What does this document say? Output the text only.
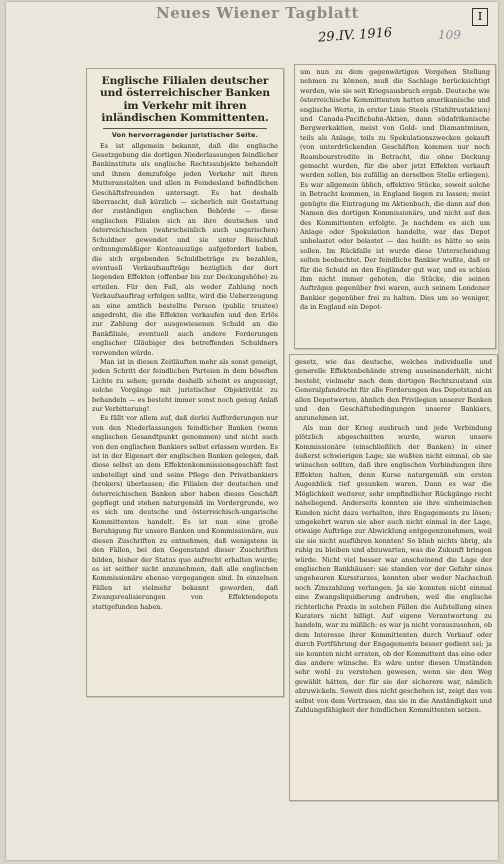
Neues Wiener Tagblatt
29.IV. 1916	109
I
Englische Filialen deutscher und österreichischer Banken im Verkehr mit ihren inländischen Kommittenten.
Von hervorragender juristischer Seite.

Es ist allgemein bekannt, daß die englische Gesetzgebung die dortigen Niederlassungen feindlicher Bankinstitute als englische Rechtssubjekte behandelt und ihnen demzufolge jeden Verkehr mit ihren Mutteranstalten und allen in Feindesland befindlichen Geschäftsfreunden untersagt. Es hat deshalb überrascht, daß kürzlich — sicherlich mit Gestattung der zuständigen englischen Behörde — diese englischen Filialen sich an ihre deutschen und österreichischen (wahrscheinlich auch ungarischen) Schuldner gewendet und sie unter Beischluß ordnungsmäßiger Kontoauszüge aufgefordert haben, die sich ergebenden Schuldbeträge zu bezahlen, eventuell Verkaufsaufträge bezüglich der dort liegenden Effekten (offenbar bis zur Deckungshöhe) zu erteilen. Für den Fall, als weder Zahlung noch Verkaufsauftrag erfolgen sollte, wird die Ueberzeugung an eine amtlich bestellte Person (public trustee) angedroht, die die Effekten verkaufen und den Erlös zur Zahlung der ausgewiesenen Schuld an die Bankfiliale, eventuell auch andere Forderungen englischer Gläubiger des betreffenden Schuldners verwenden würde.

Man ist in diesen Zeitläuften mehr als sonst geneigt, jeden Schritt der feindlichen Parteien in dem böseften Lichte zu sehen; gerade deshalb scheint es angezeigt, solche Vorgänge mit juristischer Objektivität zu behandeln — es besteht immer sonst noch genug Anlaß zur Verbitterung!

Es fällt vor allem auf, daß derlei Aufforderungen nur von den Niederlassungen feindlicher Banken (wenn englischen Gesandtpunkt genommen) und nicht auch von den englischen Bankiers selbst erlassen wurden. Es ist in der Eigenart der englischen Banken gelegen, daß diese selbst an dem Effektenkommissionsgeschäft fast unbeteiligt sind und seine Pflege den Privatbankiers (brokers) überlassen; die Filialen der deutschen und österreichischen Banken aber haben dieses Geschäft gepflegt und stehen naturgemäß im Vordergrunde, wo es sich um deutsche und österreichisch-ungarische Kommittenten handelt. Es ist nun eine große Beruhigung für unsere Banken und Kommissionäre, aus diesen Zuschriften zu entnehmen, daß wenigstens in den Fällen, bei den Gegenstand dieser Zuschriften bilden, bisher der Status quo aufrecht erhalten wurde; es ist seither nicht anzunehmen, daß alle englischen Kommissionäre ebenso vorgegangen sind. In einzelnen Fällen ist vielmehr bekannt geworden, daß Zwangsrealisierungen von Effektendepots stattgefunden haben.

um nun zu dem gegenwärtigen Vorgehen Stellung nehmen zu können, muß die Sachlage berücksichtigt werden, wie sie seit Kriegsausbruch ergab. Deutsche wie österreichische Kommittenten hatten amerikanische und englische Werte, in erster Linie Steels (Stahltrustaktien) und Canada-Pacificbahn-Aktien, dann südafrikanische Bergwerkaktien, meist von Gold- und Diamantminen, teils als Anlage, teils zu Spekulationszwecken gekauft (von unterdrückenden Geschäften kommen nur noch Reambourstredite in Betracht, die ohne Deckung gemacht wurden, für die aber jetzt Effekten verkauft werden sollen, bis zufällig an derselben Stelle erliegen). Es war allgemein üblich, effektive Stücke, soweit solche in Betracht kommen, in England liegen zu lassen; meist genügte die Eintragung im Aktienbuch, die dann auf den Namen des dortigen Kommissionärs, und nicht auf den des Kommittenten erfolgte. Je nachdem es sich um Anlage oder Spekulation handelte, war das Depot unbelastet oder belastet — das heißt: es hätte so sein sollen. Im Rückfalle ist wurde diese Unterscheidung selten beobachtet. Der feindliche Bankier wußte, daß er für die Schuld an den Engländer gut war, und es schien ihm nicht immer geboten, die Stücke, die seinen Aufträgen gegenüber frei waren, auch seinem Londoner Bankier gegenüber frei zu halten. Dies um so weniger, da in England ein Depot-

gesetz, wie das deutsche, welches individuelle und generelle Effektenbehände streng auseinanderhält, nicht besteht, vielmehr nach dem dortigen Rechtszustand ein Generalpfandrecht für alle Forderungen des Depotstand an allen Depotwerten, ähnlich den Privilegien unserer Banken und den Geschäftsbedingungen unserer Bankiers, anzunehmen ist.

Als nun der Krieg ausbrach und jede Verbindung plötzlich abgeschnitten wurde, waren unsere Kommissionäre (einschließlich der Banken) in einer äußerst schwierigen Lage; sie wußten nicht einmal, ob sie wünschen sollten, daß ihre englischen Verbindungen ihre Effekten halten, denn Kurse naturgemäß ein ersten Augenblick tief gesunken waren. Dann es war die Möglichkeit weiterer, sehr empfindlicher Rückgänge recht naheliegend. Anderseits konnten sie ihre einheimischen Kunden nicht dazu verhalten, ihre Engagements zu lösen; umgekehrt waren sie aber auch nicht einmal in der Lage, etwaige Aufträge zur Abwicklung entgegenzunehmen, weil sie sie nicht ausführen konnten! So blieb nichts übrig, als ruhig zu bleiben und abzuwarten, was die Zukunft bringen würde. Nicht viel besser war anscheinend die Lage der englischen Bankhäuser: sie standen vor der Gefahr eines ungeheuren Kurssturzes, konnten aber weder Nachschuß noch Zinszahlung verlangen. Ja sie konnten nicht einmal eine Zwangsliquidierung androhen, weil die englische richterliche Praxis in solchen Fällen die Aufstellung eines Kurators nicht billigt. Auf eigene Verantwortung zu handeln, war zu mißlich: es war ja nicht vorauszusehen, ob dem Interesse ihrer Kommittenten durch Verkauf oder durch Fortführung der Engagements besser gedient sei; ja sie konnten nicht erraten, ob der Kommittent das eine oder das andere wünsche. Es wäre unter diesen Umständen sehr wohl zu verstehen gewesen, wenn sie den Weg gewählt hätten, der für sie der sicherere war, nämlich abzuwickeln. Soweit dies nicht geschehen ist, zeigt das von selbst von dem Vertrauen, das sie in die Anständigkeit und Zahlungsfähigkeit der feindlichen Kommittenten setzen.
